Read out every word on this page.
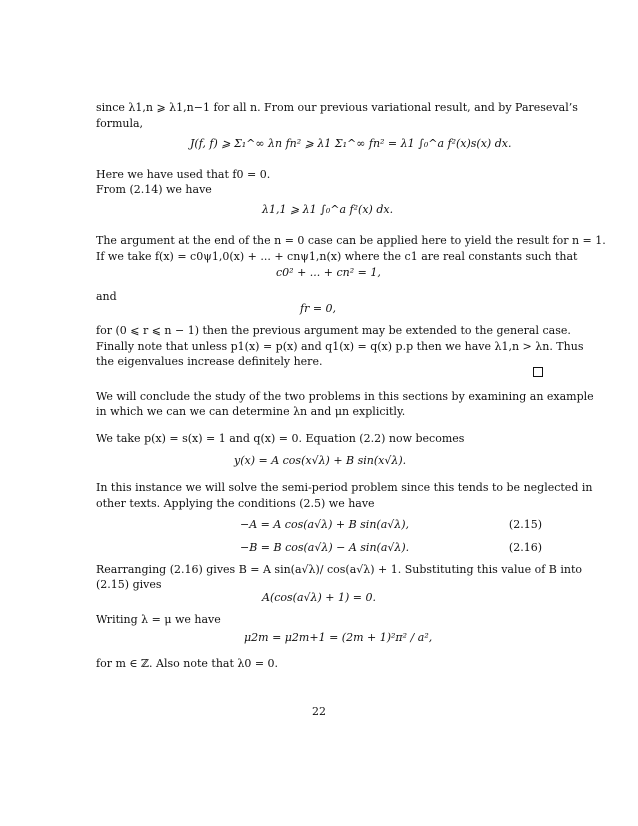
since λ1,n ⩾ λ1,n−1 for all n. From our previous variational result, and by Pareseval’s
formula,
J(f, f) ⩾ Σ₁^∞ λn fn² ⩾ λ1 Σ₁^∞ fn² = λ1 ∫₀^a f²(x)s(x) dx.
Here we have used that f0 = 0.
From (2.14) we have
λ1,1 ⩾ λ1 ∫₀^a f²(x) dx.
The argument at the end of the n = 0 case can be applied here to yield the result for n = 1.
If we take f(x) = c0ψ1,0(x) + ... + cnψ1,n(x) where the c1 are real constants such that
c0² + ... + cn² = 1,
and
fr = 0,
for (0 ⩽ r ⩽ n − 1) then the previous argument may be extended to the general case.
Finally note that unless p1(x) = p(x) and q1(x) = q(x) p.p then we have λ1,n > λn. Thus
the eigenvalues increase definitely here.
We will conclude the study of the two problems in this sections by examining an example
in which we can we can determine λn and μn explicitly.
We take p(x) = s(x) = 1 and q(x) = 0. Equation (2.2) now becomes
y(x) = A cos(x√λ) + B sin(x√λ).
In this instance we will solve the semi-period problem since this tends to be neglected in
other texts. Applying the conditions (2.5) we have
−A = A cos(a√λ) + B sin(a√λ),	(2.15)
−B = B cos(a√λ) − A sin(a√λ).	(2.16)
Rearranging (2.16) gives B = A sin(a√λ)/ cos(a√λ) + 1. Substituting this value of B into
(2.15) gives
A(cos(a√λ) + 1) = 0.
Writing λ = μ we have
μ2m = μ2m+1 = (2m + 1)²π² / a²,
for m ∈ ℤ. Also note that λ0 = 0.
22
